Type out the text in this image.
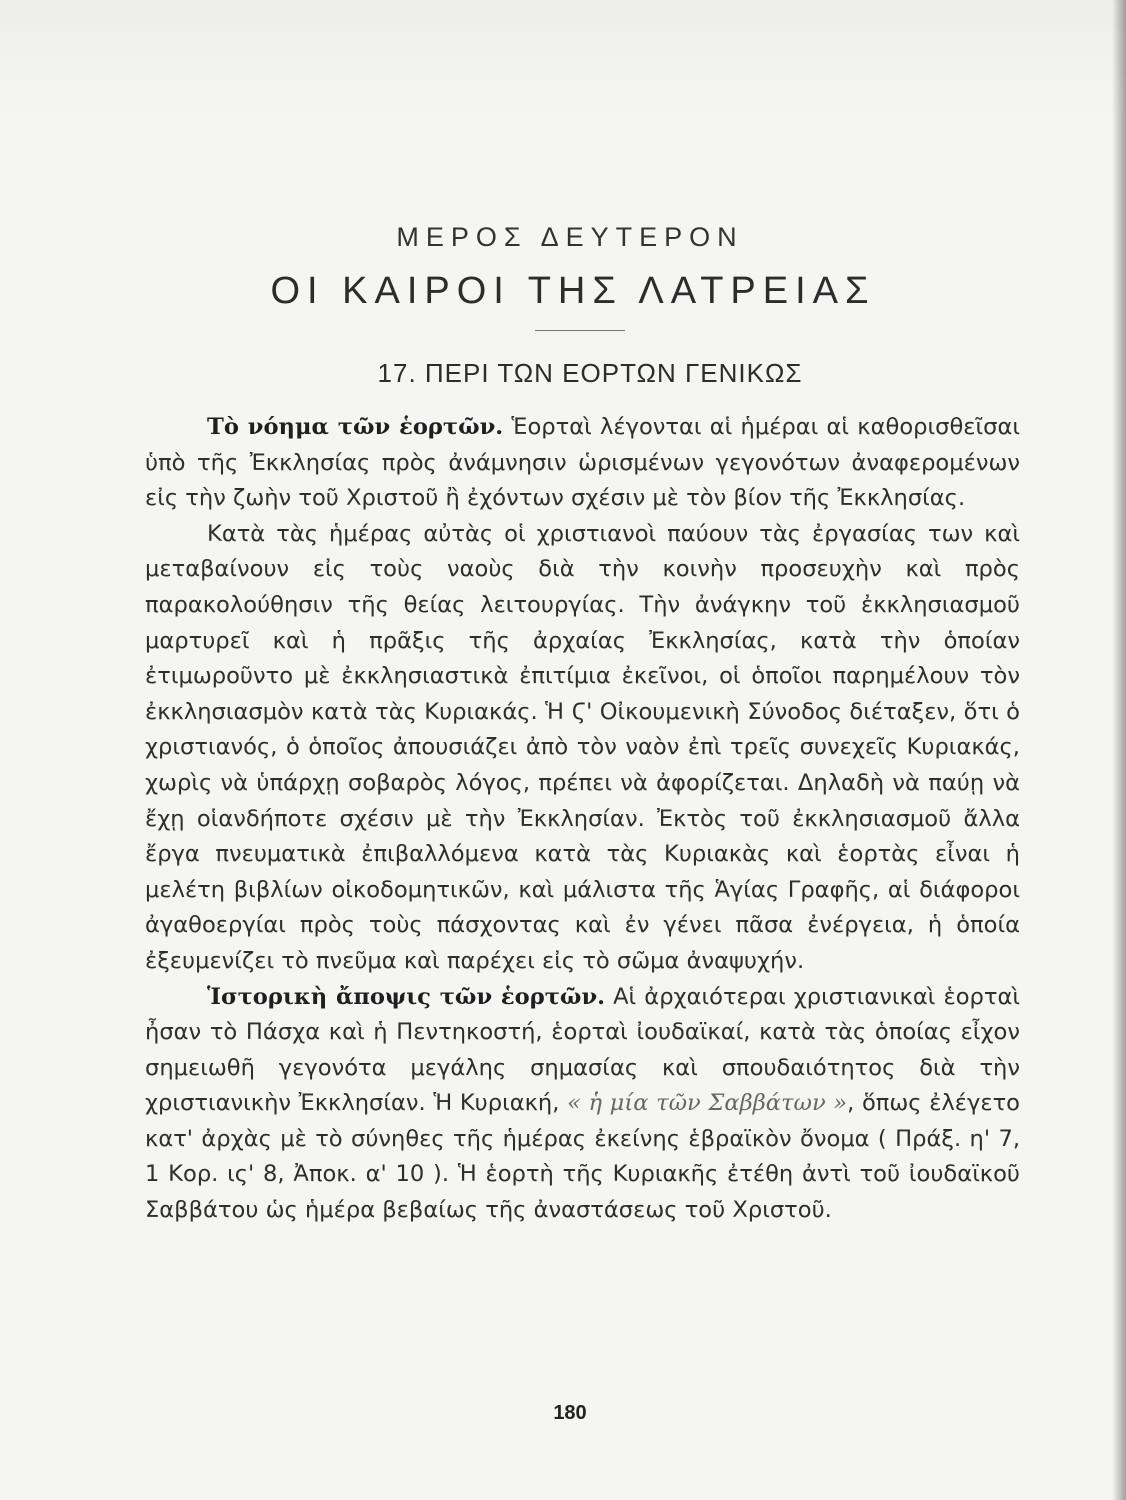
ΜΕΡΟΣ ΔΕΥΤΕΡΟΝ
ΟΙ ΚΑΙΡΟΙ ΤΗΣ ΛΑΤΡΕΙΑΣ
17. ΠΕΡΙ ΤΩΝ ΕΟΡΤΩΝ ΓΕΝΙΚΩΣ

Τὸ νόημα τῶν ἑορτῶν. Ἑορταὶ λέγονται αἱ ἡμέραι αἱ καθορισθεῖσαι ὑπὸ τῆς Ἐκκλησίας πρὸς ἀνάμνησιν ὡρισμένων γεγονότων ἀναφερομένων εἰς τὴν ζωὴν τοῦ Χριστοῦ ἢ ἐχόντων σχέσιν μὲ τὸν βίον τῆς Ἐκκλησίας.

Κατὰ τὰς ἡμέρας αὐτὰς οἱ χριστιανοὶ παύουν τὰς ἐργασίας των καὶ μεταβαίνουν εἰς τοὺς ναοὺς διὰ τὴν κοινὴν προσευχὴν καὶ πρὸς παρακολούθησιν τῆς θείας λειτουργίας. Τὴν ἀνάγκην τοῦ ἐκκλησιασμοῦ μαρτυρεῖ καὶ ἡ πρᾶξις τῆς ἀρχαίας Ἐκκλησίας, κατὰ τὴν ὁποίαν ἐτιμωροῦντο μὲ ἐκκλησιαστικὰ ἐπιτίμια ἐκεῖνοι, οἱ ὁποῖοι παρημέλουν τὸν ἐκκλησιασμὸν κατὰ τὰς Κυριακάς. Ἡ Ϛ' Οἰκουμενικὴ Σύνοδος διέταξεν, ὅτι ὁ χριστιανός, ὁ ὁποῖος ἀπουσιάζει ἀπὸ τὸν ναὸν ἐπὶ τρεῖς συνεχεῖς Κυριακάς, χωρὶς νὰ ὑπάρχῃ σοβαρὸς λόγος, πρέπει νὰ ἀφορίζεται. Δηλαδὴ νὰ παύῃ νὰ ἔχῃ οἱανδήποτε σχέσιν μὲ τὴν Ἐκκλησίαν. Ἐκτὸς τοῦ ἐκκλησιασμοῦ ἄλλα ἔργα πνευματικὰ ἐπιβαλλόμενα κατὰ τὰς Κυριακὰς καὶ ἑορτὰς εἶναι ἡ μελέτη βιβλίων οἰκοδομητικῶν, καὶ μάλιστα τῆς Ἁγίας Γραφῆς, αἱ διάφοροι ἀγαθοεργίαι πρὸς τοὺς πάσχοντας καὶ ἐν γένει πᾶσα ἐνέργεια, ἡ ὁποία ἐξευμενίζει τὸ πνεῦμα καὶ παρέχει εἰς τὸ σῶμα ἀναψυχήν.

Ἱστορικὴ ἄποψις τῶν ἑορτῶν. Αἱ ἀρχαιότεραι χριστιανικαὶ ἑορταὶ ἦσαν τὸ Πάσχα καὶ ἡ Πεντηκοστή, ἑορταὶ ἰουδαϊκαί, κατὰ τὰς ὁποίας εἶχον σημειωθῆ γεγονότα μεγάλης σημασίας καὶ σπουδαιότητος διὰ τὴν χριστιανικὴν Ἐκκλησίαν. Ἡ Κυριακή, « ἡ μία τῶν Σαββάτων », ὅπως ἐλέγετο κατ' ἀρχὰς μὲ τὸ σύνηθες τῆς ἡμέρας ἐκείνης ἑβραϊκὸν ὄνομα ( Πράξ. η' 7, 1 Κορ. ις' 8, Ἀποκ. α' 10 ). Ἡ ἑορτὴ τῆς Κυριακῆς ἐτέθη ἀντὶ τοῦ ἰουδαϊκοῦ Σαββάτου ὡς ἡμέρα βεβαίως τῆς ἀναστάσεως τοῦ Χριστοῦ.

180
